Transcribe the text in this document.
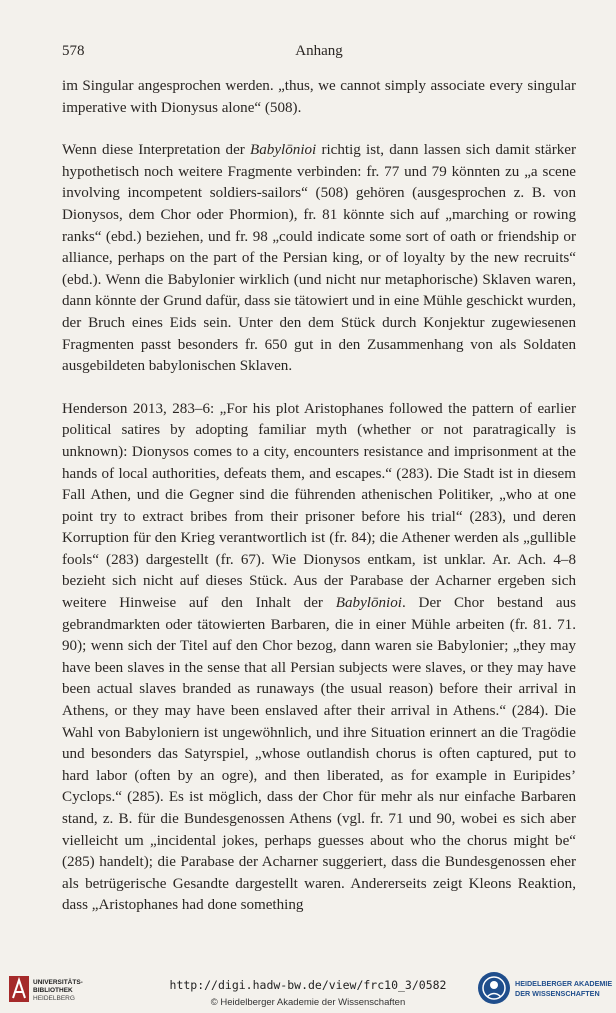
578	Anhang

im Singular angesprochen werden. „thus, we cannot simply associate every singular imperative with Dionysus alone“ (508).

Wenn diese Interpretation der Babylōnioi richtig ist, dann lassen sich damit stärker hypothetisch noch weitere Fragmente verbinden: fr. 77 und 79 könnten zu „a scene involving incompetent soldiers-sailors“ (508) gehören (ausgesprochen z. B. von Dionysos, dem Chor oder Phormion), fr. 81 könnte sich auf „marching or rowing ranks“ (ebd.) beziehen, und fr. 98 „could indicate some sort of oath or friendship or alliance, perhaps on the part of the Persian king, or of loyalty by the new recruits“ (ebd.). Wenn die Babylonier wirklich (und nicht nur metaphorische) Sklaven waren, dann könnte der Grund dafür, dass sie tätowiert und in eine Mühle geschickt wurden, der Bruch eines Eids sein. Unter den dem Stück durch Konjektur zugewiesenen Fragmenten passt besonders fr. 650 gut in den Zusammenhang von als Soldaten ausgebildeten babylonischen Sklaven.

Henderson 2013, 283–6: „For his plot Aristophanes followed the pattern of earlier political satires by adopting familiar myth (whether or not paratragically is unknown): Dionysos comes to a city, encounters resistance and imprisonment at the hands of local authorities, defeats them, and escapes.“ (283). Die Stadt ist in diesem Fall Athen, und die Gegner sind die führenden athenischen Politiker, „who at one point try to extract bribes from their prisoner before his trial“ (283), und deren Korruption für den Krieg verantwortlich ist (fr. 84); die Athener werden als „gullible fools“ (283) dargestellt (fr. 67). Wie Dionysos entkam, ist unklar. Ar. Ach. 4–8 bezieht sich nicht auf dieses Stück. Aus der Parabase der Acharner ergeben sich weitere Hinweise auf den Inhalt der Babylōnioi. Der Chor bestand aus gebrandmarkten oder tätowierten Barbaren, die in einer Mühle arbeiten (fr. 81. 71. 90); wenn sich der Titel auf den Chor bezog, dann waren sie Babylonier; „they may have been slaves in the sense that all Persian subjects were slaves, or they may have been actual slaves branded as runaways (the usual reason) before their arrival in Athens, or they may have been enslaved after their arrival in Athens.“ (284). Die Wahl von Babyloniern ist ungewöhnlich, und ihre Situation erinnert an die Tragödie und besonders das Satyrspiel, „whose outlandish chorus is often captured, put to hard labor (often by an ogre), and then liberated, as for example in Euripides’ Cyclops.“ (285). Es ist möglich, dass der Chor für mehr als nur einfache Barbaren stand, z. B. für die Bundesgenossen Athens (vgl. fr. 71 und 90, wobei es sich aber vielleicht um „incidental jokes, perhaps guesses about who the chorus might be“ (285) handelt); die Parabase der Acharner suggeriert, dass die Bundesgenossen eher als betrügerische Gesandte dargestellt waren. Andererseits zeigt Kleons Reaktion, dass „Aristophanes had done something

UNIVERSITÄTS-
BIBLIOTHEK
HEIDELBERG
http://digi.hadw-bw.de/view/frc10_3/0582
© Heidelberger Akademie der Wissenschaften
HEIDELBERGER AKADEMIE
DER WISSENSCHAFTEN
